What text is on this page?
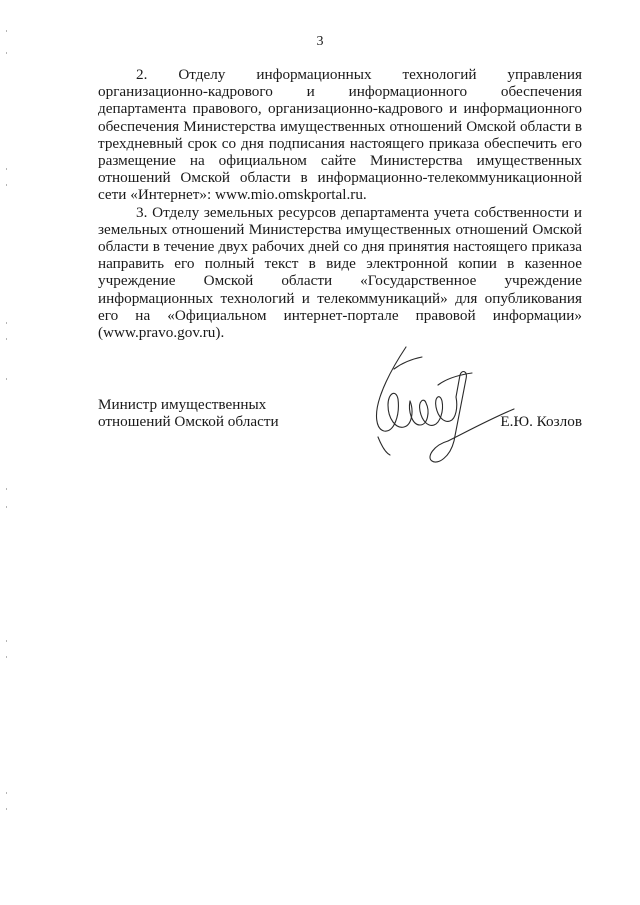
3

2. Отделу информационных технологий управления организационно-кадрового и информационного обеспечения департамента правового, организационно-кадрового и информационного обеспечения Министерства имущественных отношений Омской области в трехдневный срок со дня подписания настоящего приказа обеспечить его размещение на официальном сайте Министерства имущественных отношений Омской области в информационно-телекоммуникационной сети «Интернет»: www.mio.omskportal.ru.

3. Отделу земельных ресурсов департамента учета собственности и земельных отношений Министерства имущественных отношений Омской области в течение двух рабочих дней со дня принятия настоящего приказа направить его полный текст в виде электронной копии в казенное учреждение Омской области «Государственное учреждение информационных технологий и телекоммуникаций» для опубликования его на «Официальном интернет-портале правовой информации» (www.pravo.gov.ru).

Министр имущественных
отношений Омской области	Е.Ю. Козлов
